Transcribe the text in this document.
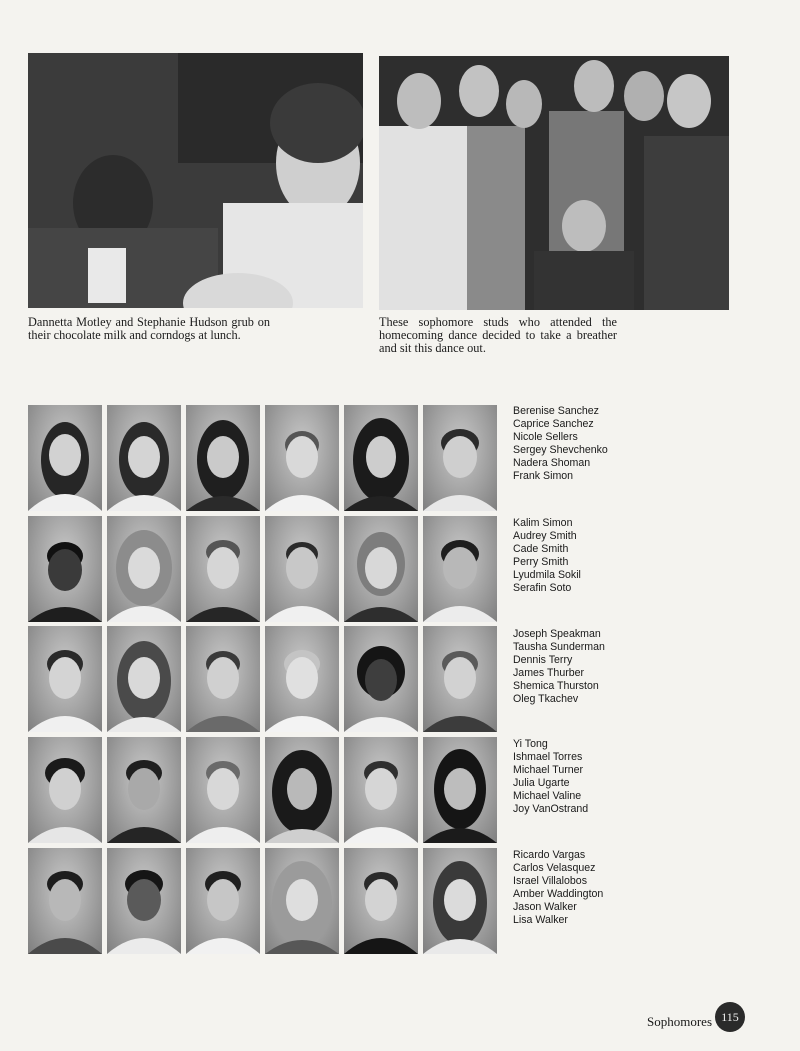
Dannetta Motley and Stephanie Hudson grub on their chocolate milk and corndogs at lunch.

These sophomore studs who attended the homecoming dance decided to take a breather and sit this dance out.

Berenise Sanchez
Caprice Sanchez
Nicole Sellers
Sergey Shevchenko
Nadera Shoman
Frank Simon
Kalim Simon
Audrey Smith
Cade Smith
Perry Smith
Lyudmila Sokil
Serafin Soto
Joseph Speakman
Tausha Sunderman
Dennis Terry
James Thurber
Shemica Thurston
Oleg Tkachev
Yi Tong
Ishmael Torres
Michael Turner
Julia Ugarte
Michael Valine
Joy VanOstrand
Ricardo Vargas
Carlos Velasquez
Israel Villalobos
Amber Waddington
Jason Walker
Lisa Walker
Sophomores 115
